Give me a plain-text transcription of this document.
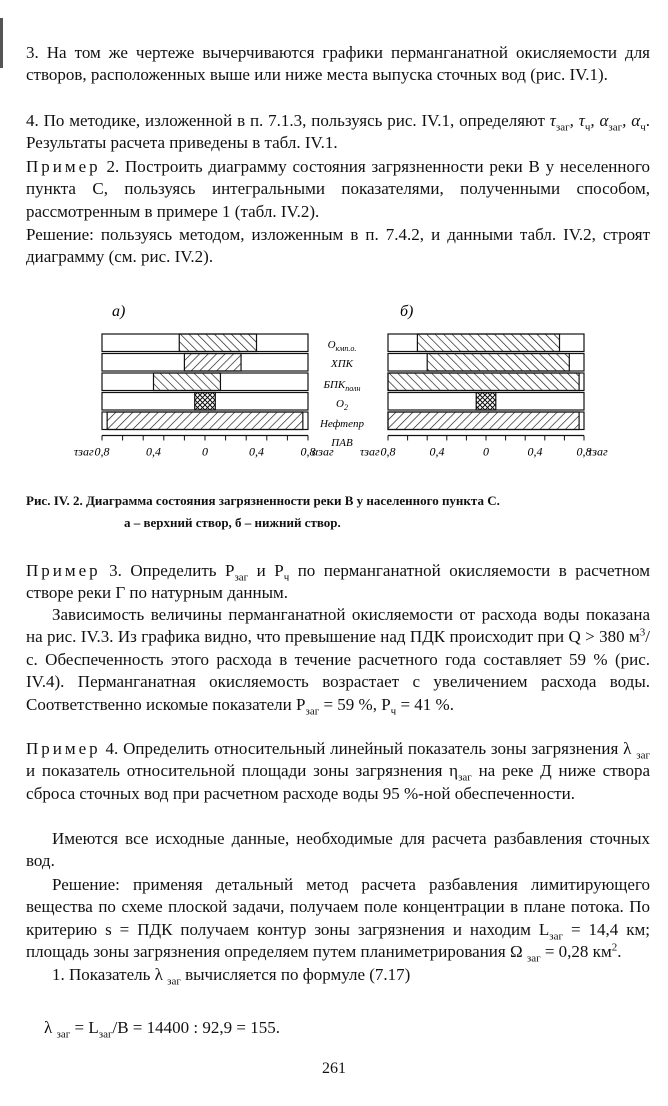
3. На том же чертеже вычерчиваются графики перманганатной окисляемости для створов, расположенных выше или ниже места выпуска сточных вод (рис. IV.1).
4. По методике, изложенной в п. 7.1.3, пользуясь рис. IV.1, определяют $\tau_{заг}$, $\tau_ч$, $\alpha_{заг}$, $\alpha_ч$. Результаты расчета приведены в табл. IV.1.
Пример 2. Построить диаграмму состояния загрязненности реки В у неселенного пункта С, пользуясь интегральными показателями, полученными способом, рассмотренным в примере 1 (табл. IV.2).
Решение: пользуясь методом, изложенным в п. 7.4.2, и данными табл. IV.2, строят диаграмму (см. рис. IV.2).
а)	б)
$О_{кмп.о.}$
ХПК
$БПК_{полн}$
$О_2$
Нефтепр
ПАВ
τзаг 0,8	0,4	0	0,4	0,8
αзаг τзаг 0,8	0,4	0	0,4	0,8
τзаг
Рис. IV. 2. Диаграмма состояния загрязненности реки В у населенного пункта С.
а – верхний створ, б – нижний створ.
Пример 3. Определить $Р_{заг}$ и $Р_ч$ по перманганатной окисляемости в расчетном створе реки Г по натурным данным.
Зависимость величины перманганатной окисляемости от расхода воды показана на рис. IV.3. Из графика видно, что превышение над ПДК происходит при Q > 380 $м^3/с$. Обеспеченность этого расхода в течение расчетного года составляет 59 % (рис. IV.4). Перманганатная окисляемость возрастает с увеличением расхода воды. Соответственно искомые показатели $Р_{заг} = 59$ %, $Р_ч = 41$ %.
Пример 4. Определить относительный линейный показатель зоны загрязнения λ $_{заг}$ и показатель относительной площади зоны загрязнения $\eta_{заг}$ на реке Д ниже створа сброса сточных вод при расчетном расходе воды 95 %-ной обеспеченности.
Имеются все исходные данные, необходимые для расчета разбавления сточных вод.
Решение: применяя детальный метод расчета разбавления лимитирующего вещества по схеме плоской задачи, получаем поле концентрации в плане потока. По критерию s = ПДК получаем контур зоны загрязнения и находим $L_{заг} = 14,4$ км; площадь зоны загрязнения определяем путем планиметрирования Ω $_{заг}$ = 0,28 $км^2$.
1. Показатель λ $_{заг}$ вычисляется по формуле (7.17)
λ $_{заг} = L_{заг}/B = 14400$ : 92,9 = 155.
261
